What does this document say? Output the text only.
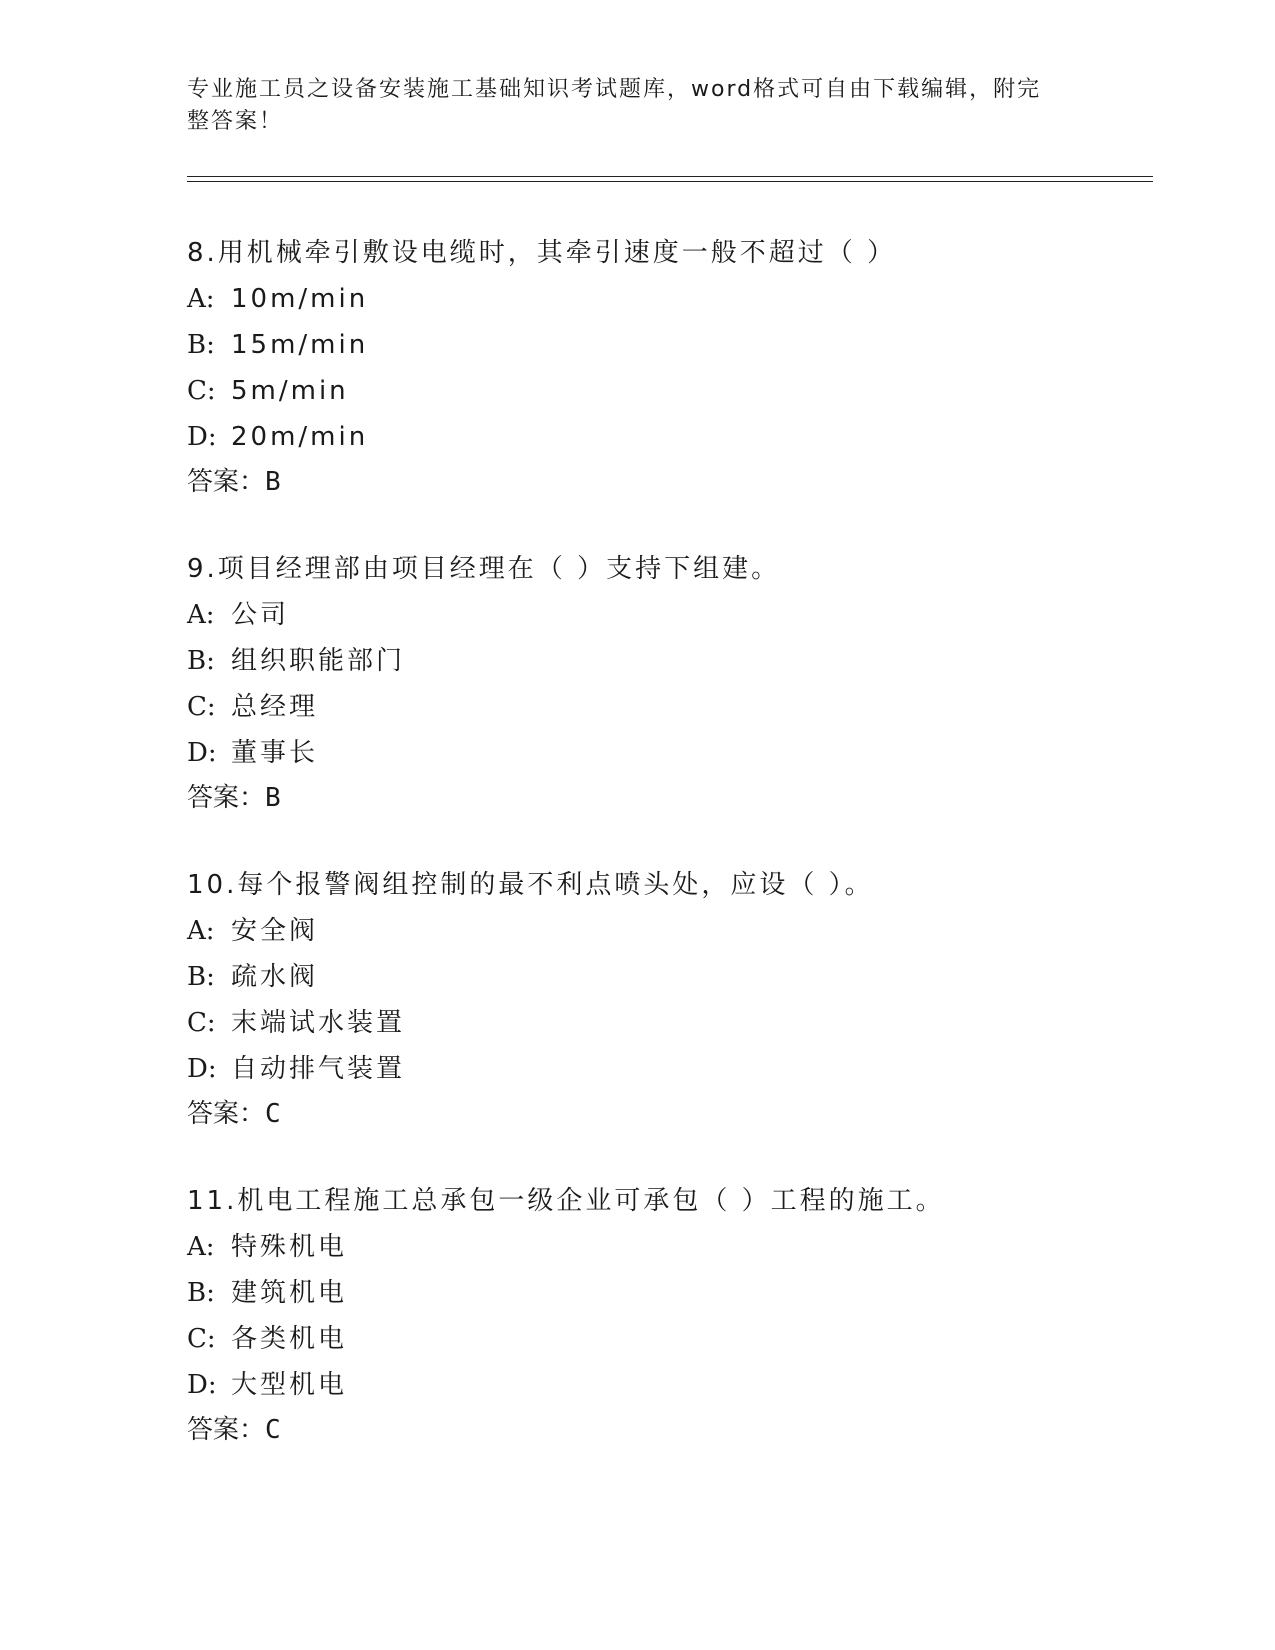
专业施工员之设备安装施工基础知识考试题库，word格式可自由下载编辑，附完
整答案！
8.用机械牵引敷设电缆时，其牵引速度一般不超过（ ）
A: 10m/min
B: 15m/min
C: 5m/min
D: 20m/min
答案：B
9.项目经理部由项目经理在（ ）支持下组建。
A: 公司
B: 组织职能部门
C: 总经理
D: 董事长
答案：B
10.每个报警阀组控制的最不利点喷头处，应设（ ）。
A: 安全阀
B: 疏水阀
C: 末端试水装置
D: 自动排气装置
答案：C
11.机电工程施工总承包一级企业可承包（ ）工程的施工。
A: 特殊机电
B: 建筑机电
C: 各类机电
D: 大型机电
答案：C
